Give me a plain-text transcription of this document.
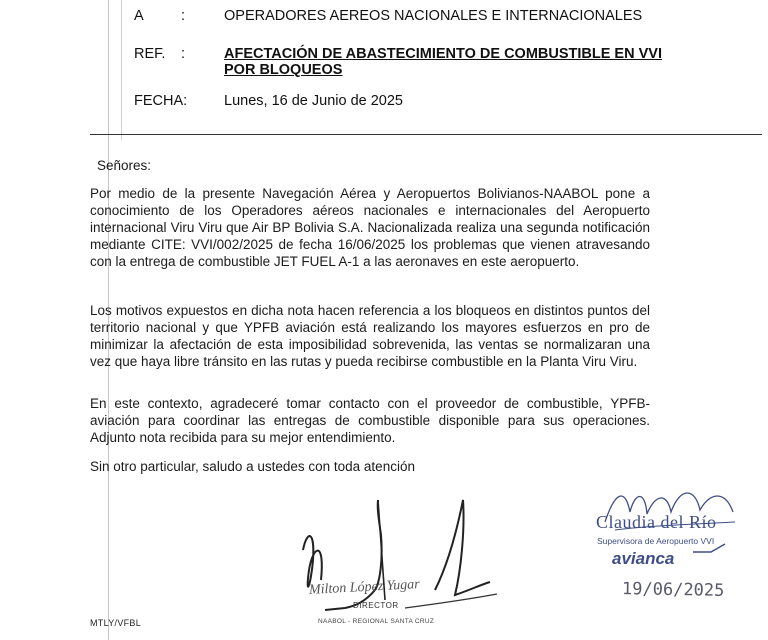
A	:	OPERADORES AEREOS NACIONALES E INTERNACIONALES
REF. :	AFECTACIÓN DE ABASTECIMIENTO DE COMBUSTIBLE EN VVI
POR BLOQUEOS
FECHA:	Lunes, 16 de Junio de 2025
Señores:
Por medio de la presente Navegación Aérea y Aeropuertos Bolivianos-NAABOL pone a conocimiento de los Operadores aéreos nacionales e internacionales del Aeropuerto internacional Viru Viru que Air BP Bolivia S.A. Nacionalizada realiza una segunda notificación mediante CITE: VVI/002/2025 de fecha 16/06/2025 los problemas que vienen atravesando con la entrega de combustible JET FUEL A-1 a las aeronaves en este aeropuerto.
Los motivos expuestos en dicha nota hacen referencia a los bloqueos en distintos puntos del territorio nacional y que YPFB aviación está realizando los mayores esfuerzos en pro de minimizar la afectación de esta imposibilidad sobrevenida, las ventas se normalizaran una vez que haya libre tránsito en las rutas y pueda recibirse combustible en la Planta Viru Viru.
En este contexto, agradeceré tomar contacto con el proveedor de combustible, YPFB-aviación para coordinar las entregas de combustible disponible para sus operaciones. Adjunto nota recibida para su mejor entendimiento.
Sin otro particular, saludo a ustedes con toda atención
Milton López Yugar
DIRECTOR
NAABOL - REGIONAL SANTA CRUZ
Claudia del Río
Supervisora de Aeropuerto VVI
avianca
19/06/2025
MTLY/VFBL
